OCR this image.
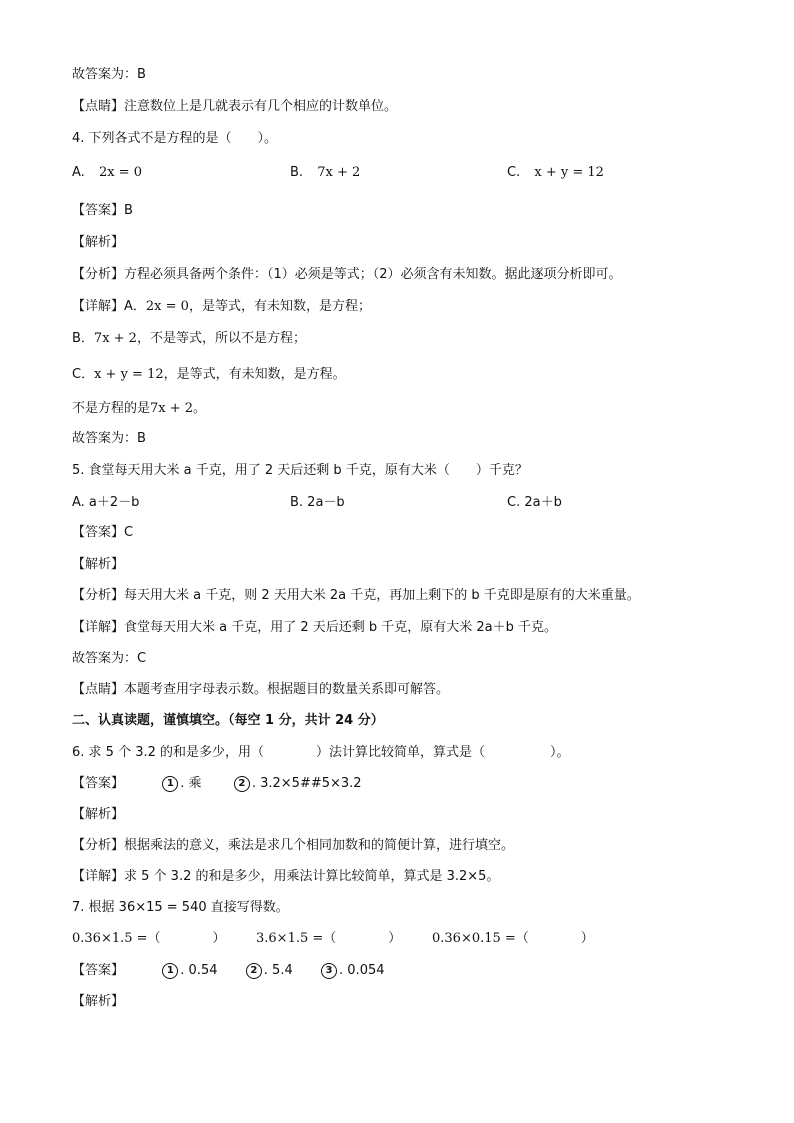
故答案为：B
【点睛】注意数位上是几就表示有几个相应的计数单位。
4. 下列各式不是方程的是（　　）。
A. 2x = 0	B. 7x + 2	C. x + y = 12
【答案】B
【解析】
【分析】方程必须具备两个条件：（1）必须是等式；（2）必须含有未知数。据此逐项分析即可。
【详解】A．2x = 0，是等式，有未知数，是方程；
B．7x + 2，不是等式，所以不是方程；
C．x + y = 12，是等式，有未知数，是方程。
不是方程的是7x + 2。
故答案为：B
5. 食堂每天用大米 a 千克，用了 2 天后还剩 b 千克，原有大米（　　）千克？
A. a＋2－b	B. 2a－b	C. 2a＋b
【答案】C
【解析】
【分析】每天用大米 a 千克，则 2 天用大米 2a 千克，再加上剩下的 b 千克即是原有的大米重量。
【详解】食堂每天用大米 a 千克，用了 2 天后还剩 b 千克，原有大米 2a＋b 千克。
故答案为：C
【点睛】本题考查用字母表示数。根据题目的数量关系即可解答。
二、认真读题，谨慎填空。（每空 1 分，共计 24 分）
6. 求 5 个 3.2 的和是多少，用（　　　　）法计算比较简单，算式是（　　　　　）。
【答案】	1 . 乘	2 . 3.2×5##5×3.2
【解析】
【分析】根据乘法的意义，乘法是求几个相同加数和的简便计算，进行填空。
【详解】求 5 个 3.2 的和是多少，用乘法计算比较简单，算式是 3.2×5。
7. 根据 36×15 = 540 直接写得数。
0.36×1.5 =（　　　　） 3.6×1.5 =（　　　　） 0.36×0.15 =（　　　　）
【答案】	1 . 0.54	2 . 5.4	3 . 0.054
【解析】
